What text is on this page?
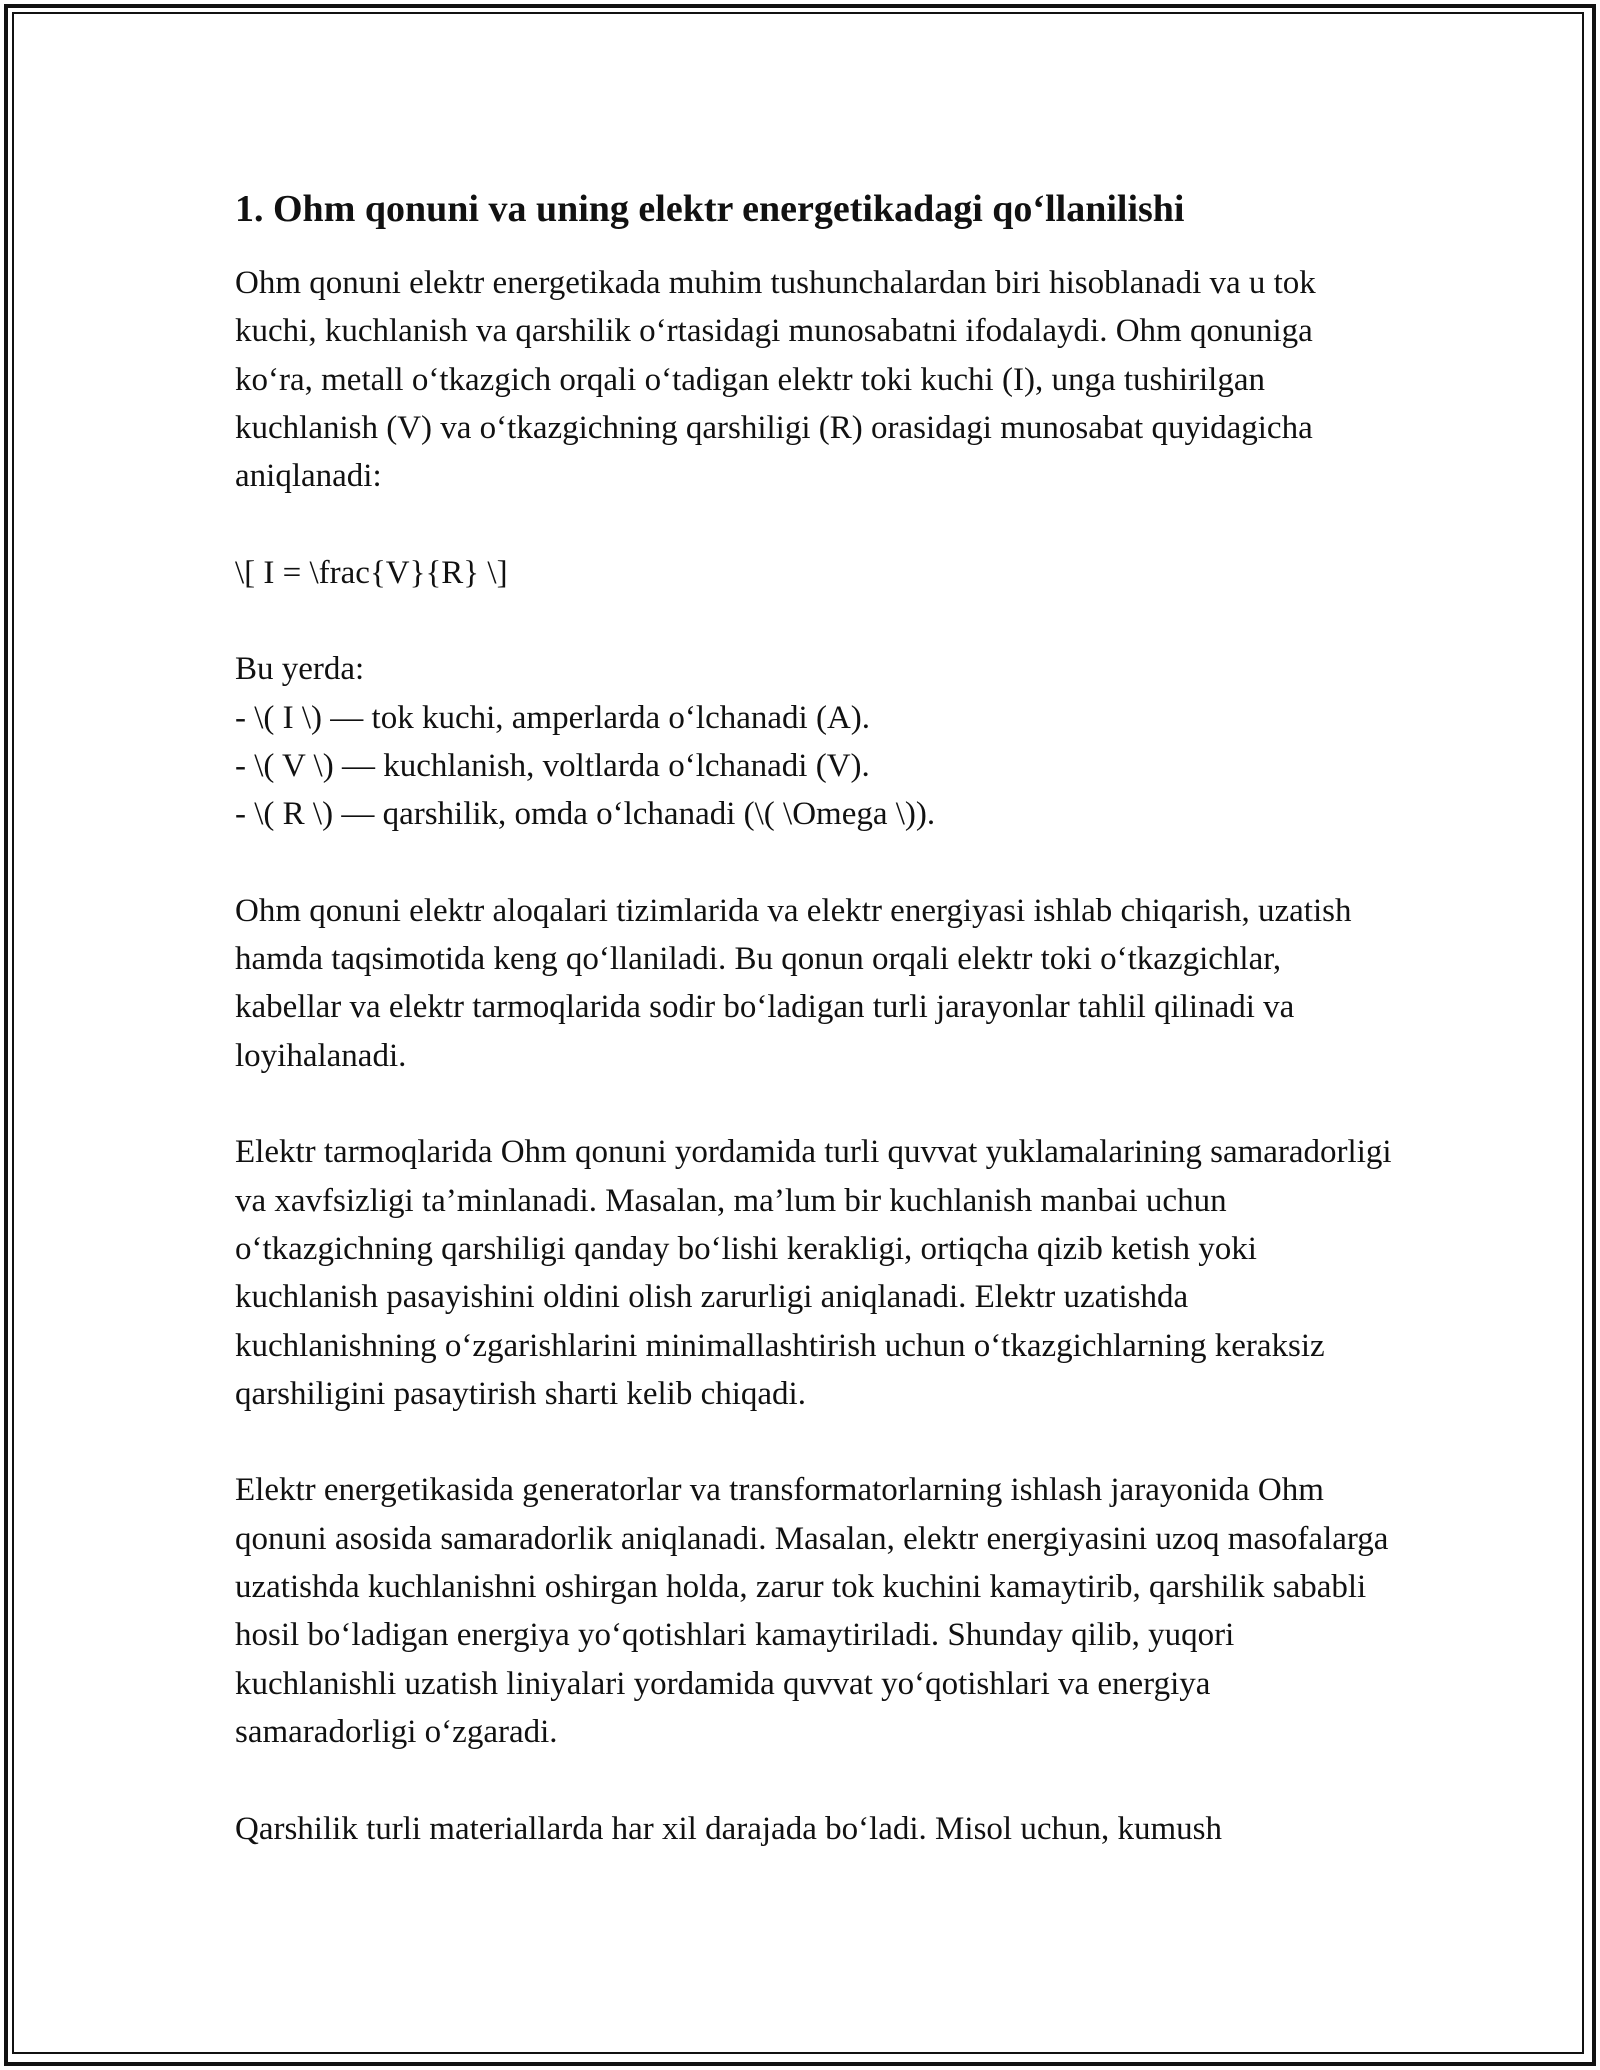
1. Ohm qonuni va uning elektr energetikadagi qo‘llanilishi

Ohm qonuni elektr energetikada muhim tushunchalardan biri hisoblanadi va u tok kuchi, kuchlanish va qarshilik o‘rtasidagi munosabatni ifodalaydi. Ohm qonuniga ko‘ra, metall o‘tkazgich orqali o‘tadigan elektr toki kuchi (I), unga tushirilgan kuchlanish (V) va o‘tkazgichning qarshiligi (R) orasidagi munosabat quyidagicha aniqlanadi:

\[ I = \frac{V}{R} \]

Bu yerda:

- \( I \) — tok kuchi, amperlarda o‘lchanadi (A).

- \( V \) — kuchlanish, voltlarda o‘lchanadi (V).

- \( R \) — qarshilik, omda o‘lchanadi (\( \Omega \)).

Ohm qonuni elektr aloqalari tizimlarida va elektr energiyasi ishlab chiqarish, uzatish hamda taqsimotida keng qo‘llaniladi. Bu qonun orqali elektr toki o‘tkazgichlar, kabellar va elektr tarmoqlarida sodir bo‘ladigan turli jarayonlar tahlil qilinadi va loyihalanadi.

Elektr tarmoqlarida Ohm qonuni yordamida turli quvvat yuklamalarining samaradorligi va xavfsizligi ta’minlanadi. Masalan, ma’lum bir kuchlanish manbai uchun o‘tkazgichning qarshiligi qanday bo‘lishi kerakligi, ortiqcha qizib ketish yoki kuchlanish pasayishini oldini olish zarurligi aniqlanadi. Elektr uzatishda kuchlanishning o‘zgarishlarini minimallashtirish uchun o‘tkazgichlarning keraksiz qarshiligini pasaytirish sharti kelib chiqadi.

Elektr energetikasida generatorlar va transformatorlarning ishlash jarayonida Ohm qonuni asosida samaradorlik aniqlanadi. Masalan, elektr energiyasini uzoq masofalarga uzatishda kuchlanishni oshirgan holda, zarur tok kuchini kamaytirib, qarshilik sababli hosil bo‘ladigan energiya yo‘qotishlari kamaytiriladi. Shunday qilib, yuqori kuchlanishli uzatish liniyalari yordamida quvvat yo‘qotishlari va energiya samaradorligi o‘zgaradi.

Qarshilik turli materiallarda har xil darajada bo‘ladi. Misol uchun, kumush
